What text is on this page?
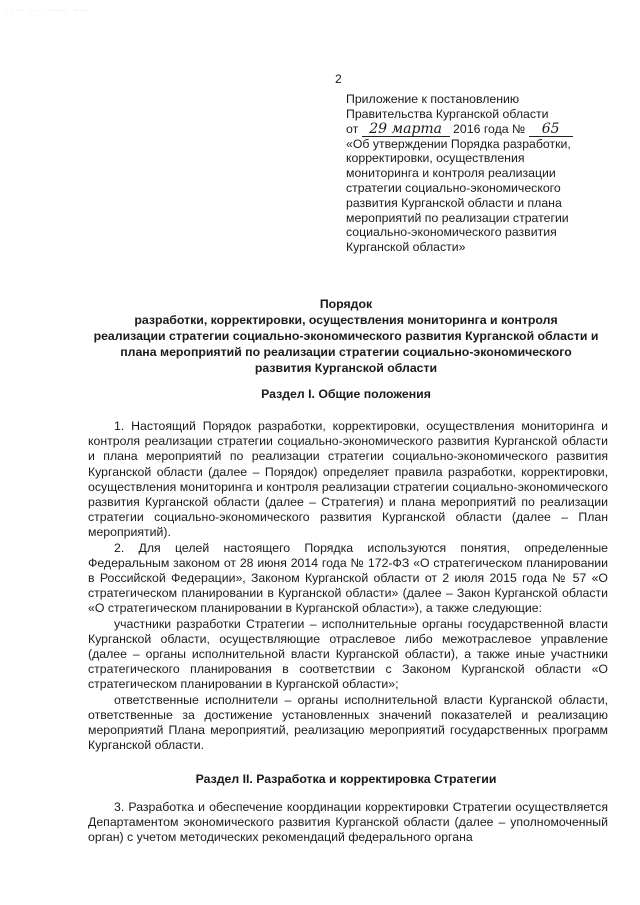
· · · ·   · · ·   ······   ·····
2
Приложение к постановлению
Правительства Курганской области
от 29 марта 2016 года № 65
«Об утверждении Порядка разработки,
корректировки, осуществления
мониторинга и контроля реализации
стратегии социально-экономического
развития Курганской области и плана
мероприятий по реализации стратегии
социально-экономического развития
Курганской области»
Порядок
разработки, корректировки, осуществления мониторинга и контроля
реализации стратегии социально-экономического развития Курганской области и
плана мероприятий по реализации стратегии социально-экономического
развития Курганской области
Раздел I. Общие положения

1. Настоящий Порядок разработки, корректировки, осуществления мониторинга и контроля реализации стратегии социально-экономического развития Курганской области и плана мероприятий по реализации стратегии социально-экономического развития Курганской области (далее – Порядок) определяет правила разработки, корректировки, осуществления мониторинга и контроля реализации стратегии социально-экономического развития Курганской области (далее – Стратегия) и плана мероприятий по реализации стратегии социально-экономического развития Курганской области (далее – План мероприятий).

2. Для целей настоящего Порядка используются понятия, определенные Федеральным законом от 28 июня 2014 года № 172-ФЗ «О стратегическом планировании в Российской Федерации», Законом Курганской области от 2 июля 2015 года № 57 «О стратегическом планировании в Курганской области» (далее – Закон Курганской области «О стратегическом планировании в Курганской области»), а также следующие:

участники разработки Стратегии – исполнительные органы государственной власти Курганской области, осуществляющие отраслевое либо межотраслевое управление (далее – органы исполнительной власти Курганской области), а также иные участники стратегического планирования в соответствии с Законом Курганской области «О стратегическом планировании в Курганской области»;

ответственные исполнители – органы исполнительной власти Курганской области, ответственные за достижение установленных значений показателей и реализацию мероприятий Плана мероприятий, реализацию мероприятий государственных программ Курганской области.

Раздел II. Разработка и корректировка Стратегии

3. Разработка и обеспечение координации корректировки Стратегии осуществляется Департаментом экономического развития Курганской области (далее – уполномоченный орган) с учетом методических рекомендаций федерального органа
